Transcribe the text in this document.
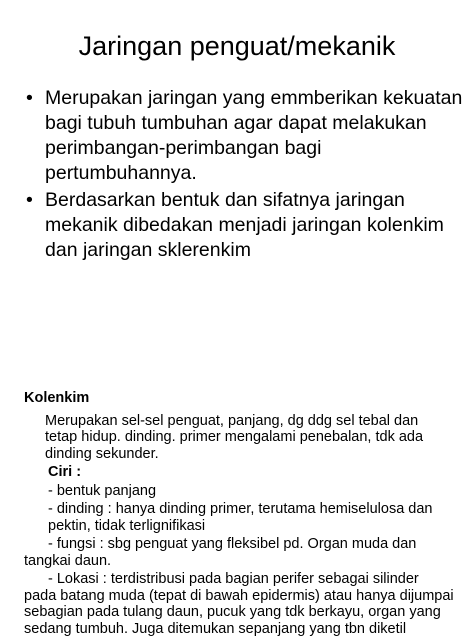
Jaringan penguat/mekanik
• Merupakan jaringan yang emmberikan kekuatan bagi tubuh tumbuhan agar dapat melakukan perimbangan-perimbangan bagi pertumbuhannya.
• Berdasarkan bentuk dan sifatnya jaringan mekanik dibedakan menjadi jaringan kolenkim dan jaringan sklerenkim
Kolenkim
Merupakan sel-sel penguat, panjang, dg ddg sel tebal dan tetap hidup. dinding. primer mengalami penebalan, tdk ada dinding sekunder.
Ciri :
- bentuk panjang
- dinding : hanya dinding primer, terutama hemiselulosa dan pektin, tidak terlignifikasi
- fungsi : sbg penguat yang fleksibel pd. Organ muda dan tangkai daun.
- Lokasi : terdistribusi pada bagian perifer sebagai silinder pada batang muda (tepat di bawah epidermis) atau hanya dijumpai sebagian pada tulang daun, pucuk yang tdk berkayu, organ yang sedang tumbuh. Juga ditemukan sepanjang yang tbn diketil
